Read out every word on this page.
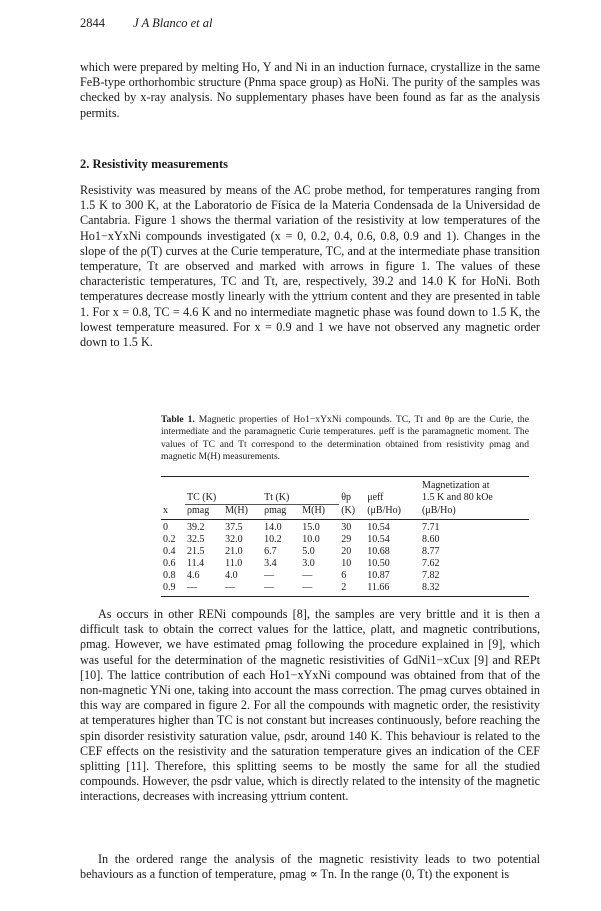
2844 J A Blanco et al

which were prepared by melting Ho, Y and Ni in an induction furnace, crystallize in the same FeB-type orthorhombic structure (Pnma space group) as HoNi. The purity of the samples was checked by x-ray analysis. No supplementary phases have been found as far as the analysis permits.

2. Resistivity measurements

Resistivity was measured by means of the AC probe method, for temperatures ranging from 1.5 K to 300 K, at the Laboratorio de Física de la Materia Condensada de la Universidad de Cantabria. Figure 1 shows the thermal variation of the resistivity at low temperatures of the Ho1−xYxNi compounds investigated (x = 0, 0.2, 0.4, 0.6, 0.8, 0.9 and 1). Changes in the slope of the ρ(T) curves at the Curie temperature, TC, and at the intermediate phase transition temperature, Tt are observed and marked with arrows in figure 1. The values of these characteristic temperatures, TC and Tt, are, respectively, 39.2 and 14.0 K for HoNi. Both temperatures decrease mostly linearly with the yttrium content and they are presented in table 1. For x = 0.8, TC = 4.6 K and no intermediate magnetic phase was found down to 1.5 K, the lowest temperature measured. For x = 0.9 and 1 we have not observed any magnetic order down to 1.5 K.

Table 1. Magnetic properties of Ho1−xYxNi compounds. TC, Tt and θp are the Curie, the intermediate and the paramagnetic Curie temperatures. μeff is the paramagnetic moment. The values of TC and Tt correspond to the determination obtained from resistivity ρmag and magnetic M(H) measurements.

	TC (K)		Tt (K)		θp	μeff	Magnetization at
1.5 K and 80 kOe

x	ρmag	M(H)	ρmag	M(H)	(K)	(μB/Ho)	(μB/Ho)
0	39.2	37.5	14.0	15.0	30	10.54	7.71
0.2	32.5	32.0	10.2	10.0	29	10.54	8.60
0.4	21.5	21.0	6.7	5.0	20	10.68	8.77
0.6	11.4	11.0	3.4	3.0	10	10.50	7.62
0.8	4.6	4.0	—	—	6	10.87	7.82
0.9	—	—	—	—	2	11.66	8.32

As occurs in other RENi compounds [8], the samples are very brittle and it is then a difficult task to obtain the correct values for the lattice, ρlatt, and magnetic contributions, ρmag. However, we have estimated ρmag following the procedure explained in [9], which was useful for the determination of the magnetic resistivities of GdNi1−xCux [9] and REPt [10]. The lattice contribution of each Ho1−xYxNi compound was obtained from that of the non-magnetic YNi one, taking into account the mass correction. The ρmag curves obtained in this way are compared in figure 2. For all the compounds with magnetic order, the resistivity at temperatures higher than TC is not constant but increases continuously, before reaching the spin disorder resistivity saturation value, ρsdr, around 140 K. This behaviour is related to the CEF effects on the resistivity and the saturation temperature gives an indication of the CEF splitting [11]. Therefore, this splitting seems to be mostly the same for all the studied compounds. However, the ρsdr value, which is directly related to the intensity of the magnetic interactions, decreases with increasing yttrium content.

In the ordered range the analysis of the magnetic resistivity leads to two potential behaviours as a function of temperature, ρmag ∝ Tn. In the range (0, Tt) the exponent is
